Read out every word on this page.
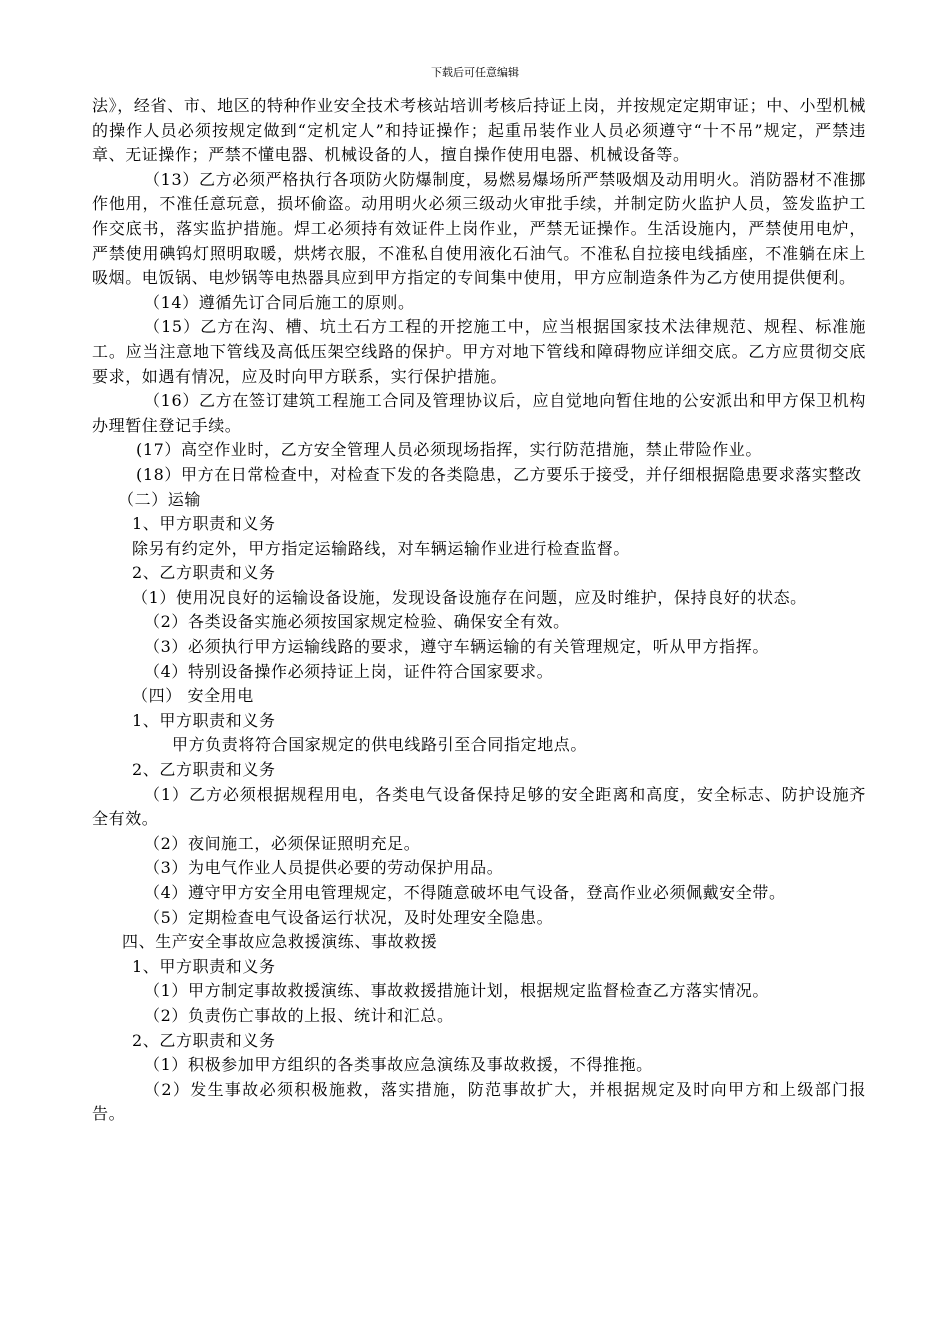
下载后可任意编辑

法》，经省、市、地区的特种作业安全技术考核站培训考核后持证上岗，并按规定定期审证；中、小型机械的操作人员必须按规定做到“定机定人”和持证操作；起重吊装作业人员必须遵守“十不吊”规定，严禁违章、无证操作；严禁不懂电器、机械设备的人，擅自操作使用电器、机械设备等。

（13）乙方必须严格执行各项防火防爆制度，易燃易爆场所严禁吸烟及动用明火。消防器材不准挪作他用，不准任意玩意，损坏偷盗。动用明火必须三级动火审批手续，并制定防火监护人员，签发监护工作交底书，落实监护措施。焊工必须持有效证件上岗作业，严禁无证操作。生活设施内，严禁使用电炉，严禁使用碘钨灯照明取暖，烘烤衣服，不准私自使用液化石油气。不准私自拉接电线插座，不准躺在床上吸烟。电饭锅、电炒锅等电热器具应到甲方指定的专间集中使用，甲方应制造条件为乙方使用提供便利。

（14）遵循先订合同后施工的原则。

（15）乙方在沟、槽、坑土石方工程的开挖施工中，应当根据国家技术法律规范、规程、标准施工。应当注意地下管线及高低压架空线路的保护。甲方对地下管线和障碍物应详细交底。乙方应贯彻交底要求，如遇有情况，应及时向甲方联系，实行保护措施。

（16）乙方在签订建筑工程施工合同及管理协议后，应自觉地向暂住地的公安派出和甲方保卫机构办理暂住登记手续。

(17）高空作业时，乙方安全管理人员必须现场指挥，实行防范措施，禁止带险作业。

(18）甲方在日常检查中，对检查下发的各类隐患，乙方要乐于接受，并仔细根据隐患要求落实整改

（二）运输

1、甲方职责和义务

除另有约定外，甲方指定运输路线，对车辆运输作业进行检查监督。

2、乙方职责和义务

（1）使用况良好的运输设备设施，发现设备设施存在问题，应及时维护，保持良好的状态。

（2）各类设备实施必须按国家规定检验、确保安全有效。

（3）必须执行甲方运输线路的要求，遵守车辆运输的有关管理规定，听从甲方指挥。

（4）特别设备操作必须持证上岗，证件符合国家要求。

（四） 安全用电

1、甲方职责和义务

甲方负责将符合国家规定的供电线路引至合同指定地点。

2、乙方职责和义务

（1）乙方必须根据规程用电，各类电气设备保持足够的安全距离和高度，安全标志、防护设施齐全有效。

（2）夜间施工，必须保证照明充足。

（3）为电气作业人员提供必要的劳动保护用品。

（4）遵守甲方安全用电管理规定，不得随意破坏电气设备，登高作业必须佩戴安全带。

（5）定期检查电气设备运行状况，及时处理安全隐患。

四、生产安全事故应急救援演练、事故救援

1、甲方职责和义务

（1）甲方制定事故救援演练、事故救援措施计划，根据规定监督检查乙方落实情况。

（2）负责伤亡事故的上报、统计和汇总。

2、乙方职责和义务

（1）积极参加甲方组织的各类事故应急演练及事故救援，不得推拖。

（2）发生事故必须积极施救，落实措施，防范事故扩大，并根据规定及时向甲方和上级部门报告。
